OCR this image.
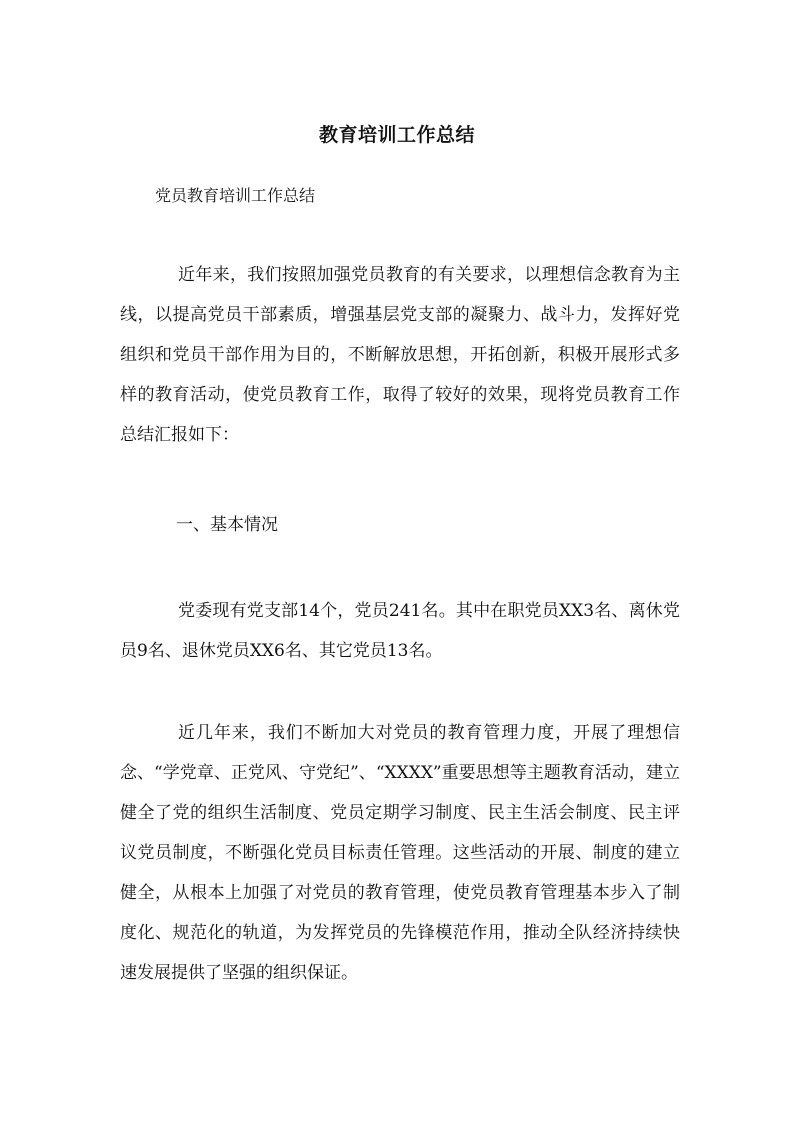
教育培训工作总结
党员教育培训工作总结

近年来，我们按照加强党员教育的有关要求，以理想信念教育为主线，以提高党员干部素质，增强基层党支部的凝聚力、战斗力，发挥好党组织和党员干部作用为目的，不断解放思想，开拓创新，积极开展形式多样的教育活动，使党员教育工作，取得了较好的效果，现将党员教育工作总结汇报如下：

一、基本情况

党委现有党支部14个，党员241名。其中在职党员XX3名、离休党员9名、退休党员XX6名、其它党员13名。

近几年来，我们不断加大对党员的教育管理力度，开展了理想信念、“学党章、正党风、守党纪”、“XXXX”重要思想等主题教育活动，建立健全了党的组织生活制度、党员定期学习制度、民主生活会制度、民主评议党员制度，不断强化党员目标责任管理。这些活动的开展、制度的建立健全，从根本上加强了对党员的教育管理，使党员教育管理基本步入了制度化、规范化的轨道，为发挥党员的先锋模范作用，推动全队经济持续快速发展提供了坚强的组织保证。
